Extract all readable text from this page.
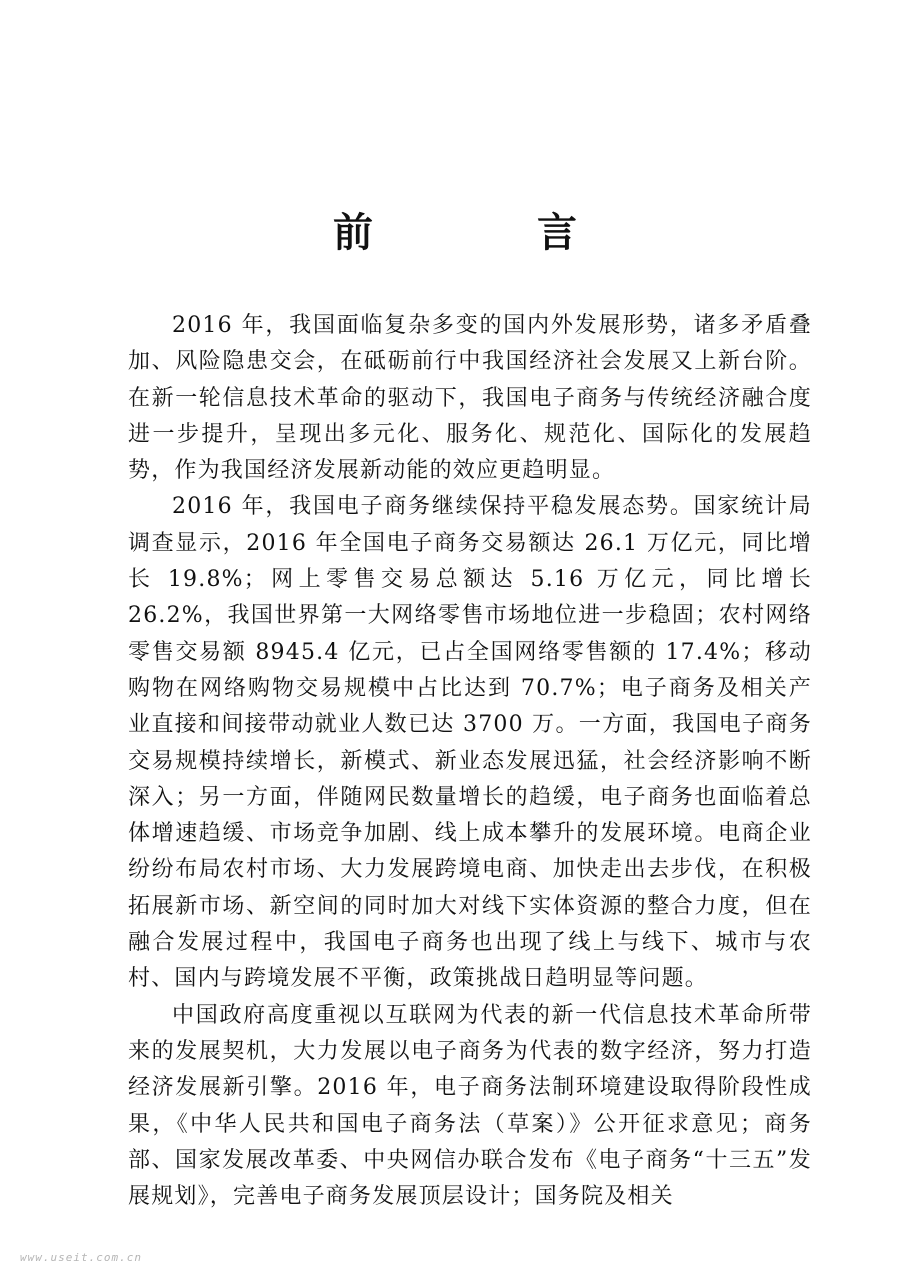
前　言

2016 年，我国面临复杂多变的国内外发展形势，诸多矛盾叠加、风险隐患交会，在砥砺前行中我国经济社会发展又上新台阶。在新一轮信息技术革命的驱动下，我国电子商务与传统经济融合度进一步提升，呈现出多元化、服务化、规范化、国际化的发展趋势，作为我国经济发展新动能的效应更趋明显。

2016 年，我国电子商务继续保持平稳发展态势。国家统计局调查显示，2016 年全国电子商务交易额达 26.1 万亿元，同比增长 19.8%；网上零售交易总额达 5.16 万亿元，同比增长 26.2%，我国世界第一大网络零售市场地位进一步稳固；农村网络零售交易额 8945.4 亿元，已占全国网络零售额的 17.4%；移动购物在网络购物交易规模中占比达到 70.7%；电子商务及相关产业直接和间接带动就业人数已达 3700 万。一方面，我国电子商务交易规模持续增长，新模式、新业态发展迅猛，社会经济影响不断深入；另一方面，伴随网民数量增长的趋缓，电子商务也面临着总体增速趋缓、市场竞争加剧、线上成本攀升的发展环境。电商企业纷纷布局农村市场、大力发展跨境电商、加快走出去步伐，在积极拓展新市场、新空间的同时加大对线下实体资源的整合力度，但在融合发展过程中，我国电子商务也出现了线上与线下、城市与农村、国内与跨境发展不平衡，政策挑战日趋明显等问题。

中国政府高度重视以互联网为代表的新一代信息技术革命所带来的发展契机，大力发展以电子商务为代表的数字经济，努力打造经济发展新引擎。2016 年，电子商务法制环境建设取得阶段性成果，《中华人民共和国电子商务法（草案）》公开征求意见；商务部、国家发展改革委、中央网信办联合发布《电子商务“十三五”发展规划》，完善电子商务发展顶层设计；国务院及相关

www.useit.com.cn
